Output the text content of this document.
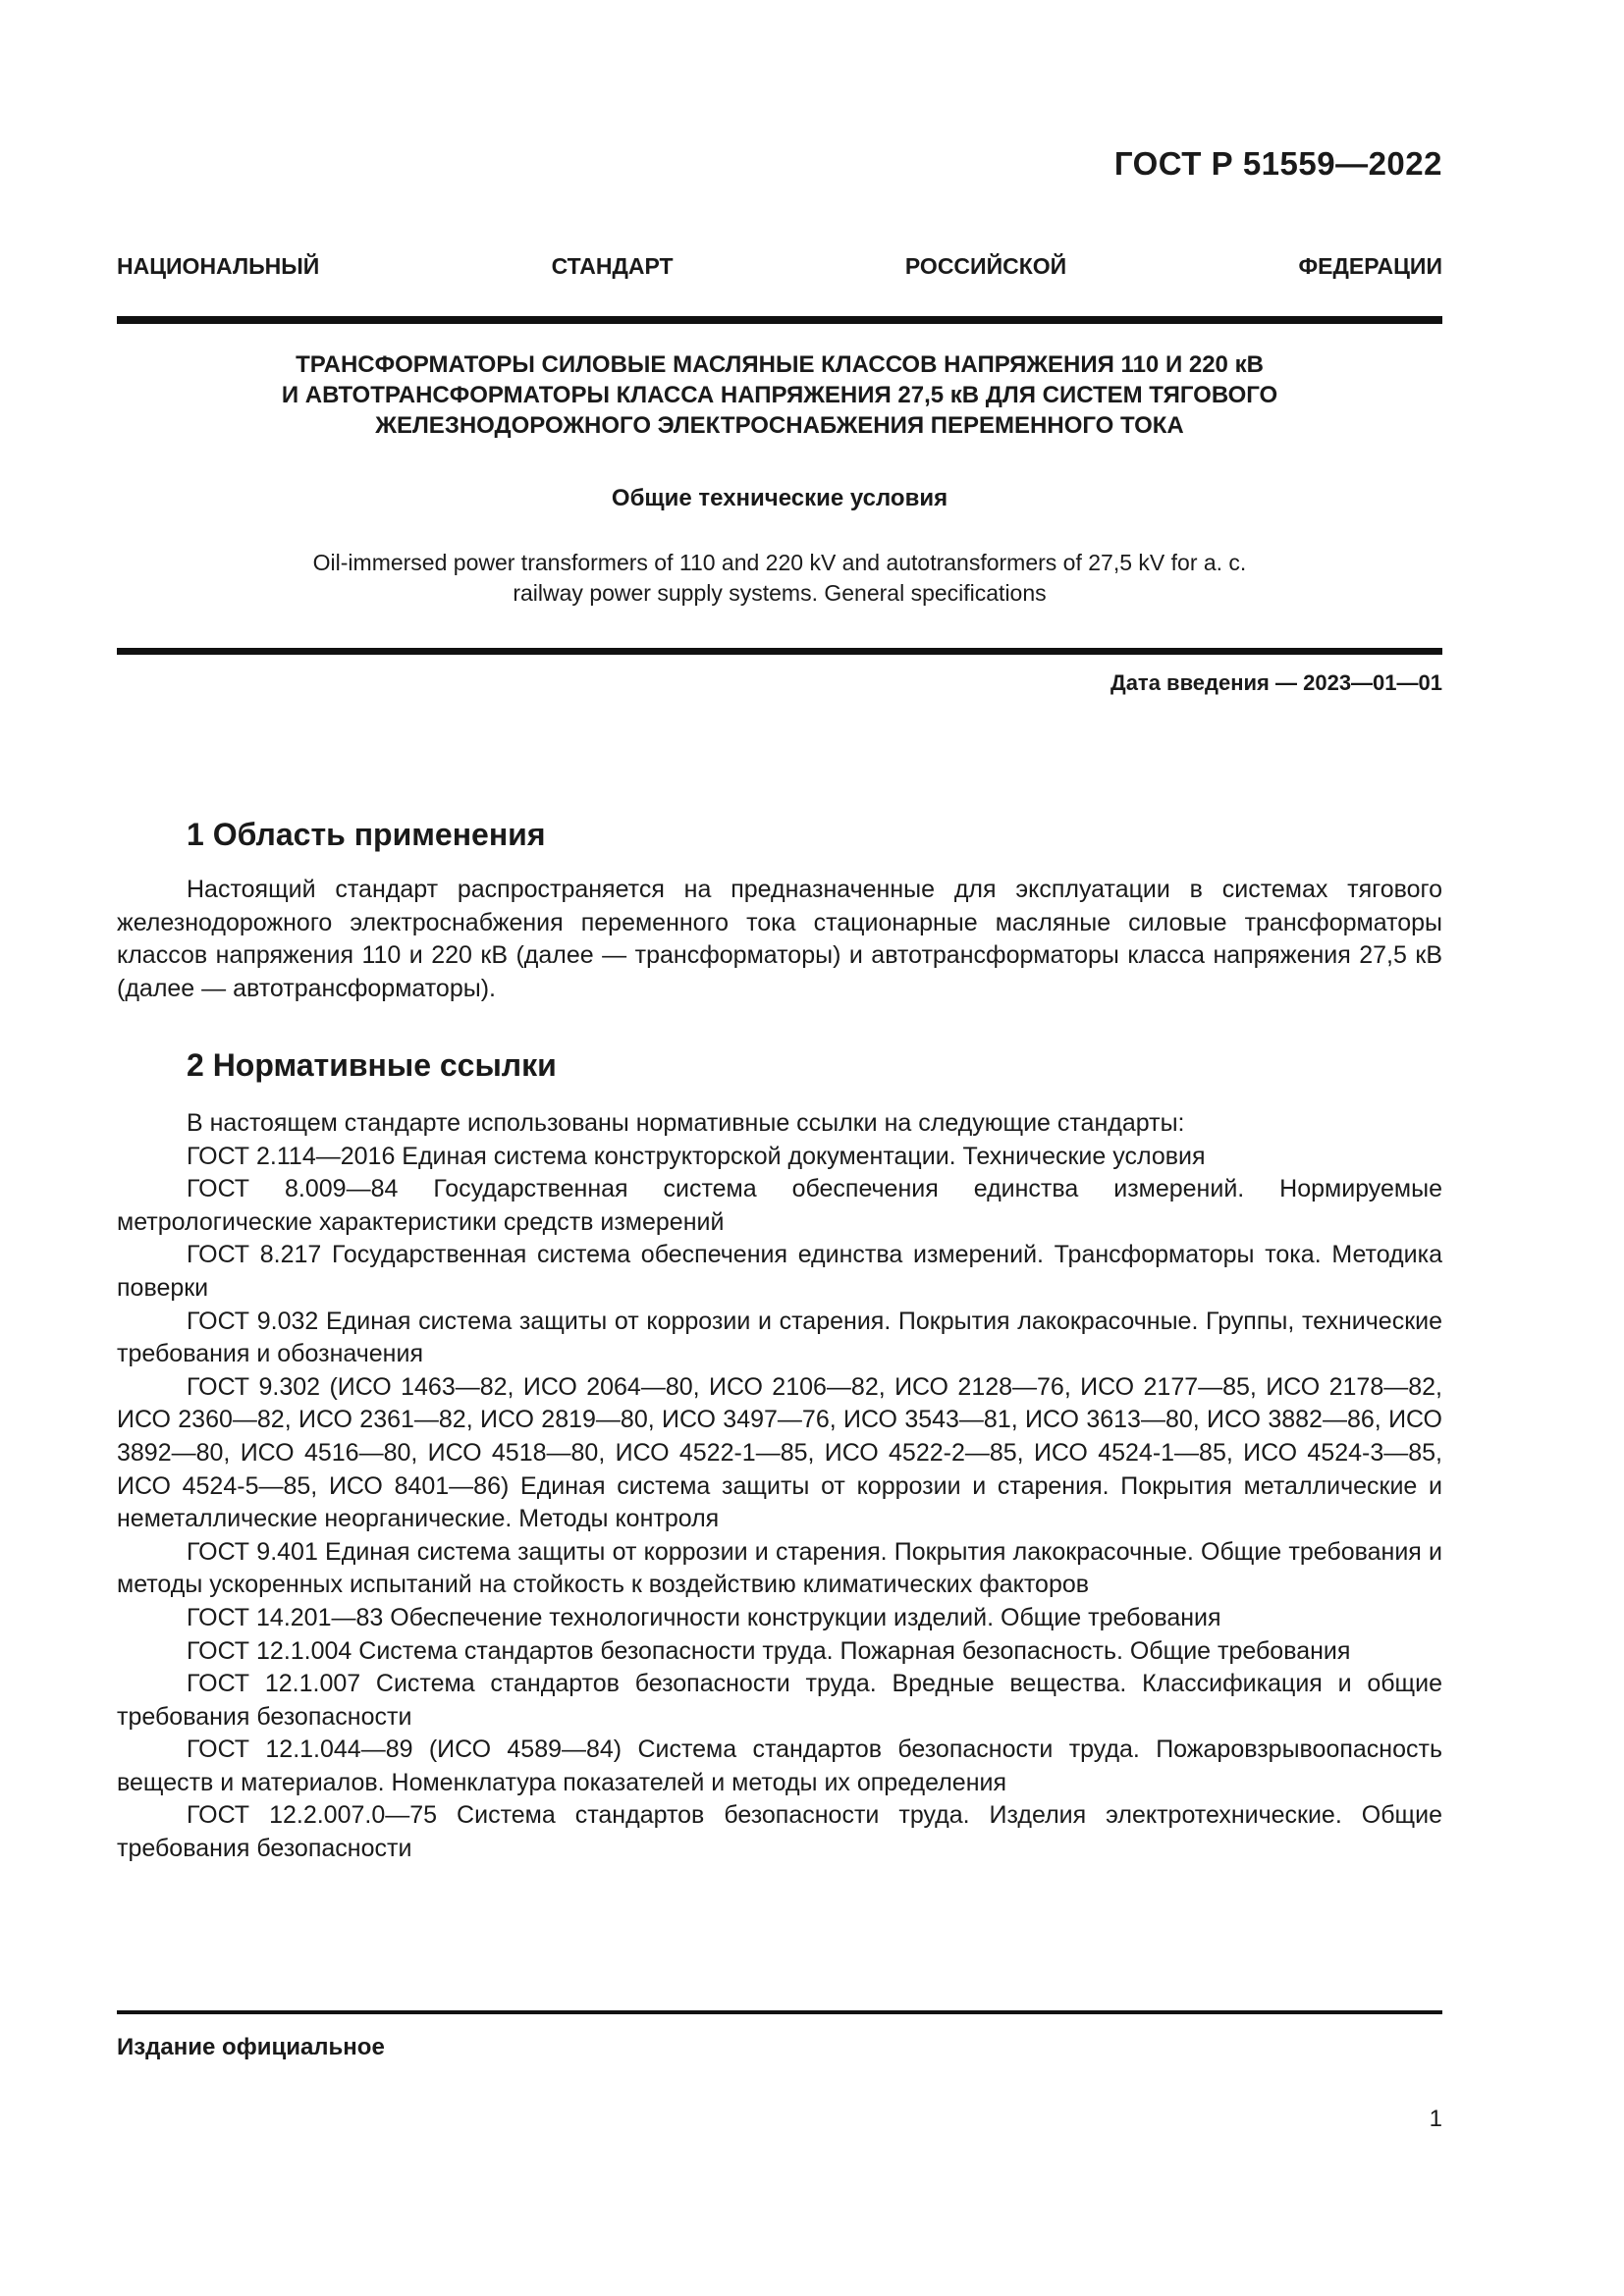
ГОСТ Р 51559—2022
НАЦИОНАЛЬНЫЙ СТАНДАРТ РОССИЙСКОЙ ФЕДЕРАЦИИ
ТРАНСФОРМАТОРЫ СИЛОВЫЕ МАСЛЯНЫЕ КЛАССОВ НАПРЯЖЕНИЯ 110 И 220 кВ
И АВТОТРАНСФОРМАТОРЫ КЛАССА НАПРЯЖЕНИЯ 27,5 кВ ДЛЯ СИСТЕМ ТЯГОВОГО
ЖЕЛЕЗНОДОРОЖНОГО ЭЛЕКТРОСНАБЖЕНИЯ ПЕРЕМЕННОГО ТОКА
Общие технические условия
Oil-immersed power transformers of 110 and 220 kV and autotransformers of 27,5 kV for a. c.
railway power supply systems. General specifications
Дата введения — 2023—01—01
1 Область применения

Настоящий стандарт распространяется на предназначенные для эксплуатации в системах тягового железнодорожного электроснабжения переменного тока стационарные масляные силовые трансформаторы классов напряжения 110 и 220 кВ (далее — трансформаторы) и автотрансформаторы класса напряжения 27,5 кВ (далее — автотрансформаторы).

2 Нормативные ссылки

В настоящем стандарте использованы нормативные ссылки на следующие стандарты:

ГОСТ 2.114—2016 Единая система конструкторской документации. Технические условия

ГОСТ 8.009—84 Государственная система обеспечения единства измерений. Нормируемые метрологические характеристики средств измерений

ГОСТ 8.217 Государственная система обеспечения единства измерений. Трансформаторы тока. Методика поверки

ГОСТ 9.032 Единая система защиты от коррозии и старения. Покрытия лакокрасочные. Группы, технические требования и обозначения

ГОСТ 9.302 (ИСО 1463—82, ИСО 2064—80, ИСО 2106—82, ИСО 2128—76, ИСО 2177—85, ИСО 2178—82, ИСО 2360—82, ИСО 2361—82, ИСО 2819—80, ИСО 3497—76, ИСО 3543—81, ИСО 3613—80, ИСО 3882—86, ИСО 3892—80, ИСО 4516—80, ИСО 4518—80, ИСО 4522-1—85, ИСО 4522-2—85, ИСО 4524-1—85, ИСО 4524-3—85, ИСО 4524-5—85, ИСО 8401—86) Единая система защиты от коррозии и старения. Покрытия металлические и неметаллические неорганические. Методы контроля

ГОСТ 9.401 Единая система защиты от коррозии и старения. Покрытия лакокрасочные. Общие требования и методы ускоренных испытаний на стойкость к воздействию климатических факторов

ГОСТ 14.201—83 Обеспечение технологичности конструкции изделий. Общие требования

ГОСТ 12.1.004 Система стандартов безопасности труда. Пожарная безопасность. Общие требования

ГОСТ 12.1.007 Система стандартов безопасности труда. Вредные вещества. Классификация и общие требования безопасности

ГОСТ 12.1.044—89 (ИСО 4589—84) Система стандартов безопасности труда. Пожаровзрывоопасность веществ и материалов. Номенклатура показателей и методы их определения

ГОСТ 12.2.007.0—75 Система стандартов безопасности труда. Изделия электротехнические. Общие требования безопасности

Издание официальное
1
